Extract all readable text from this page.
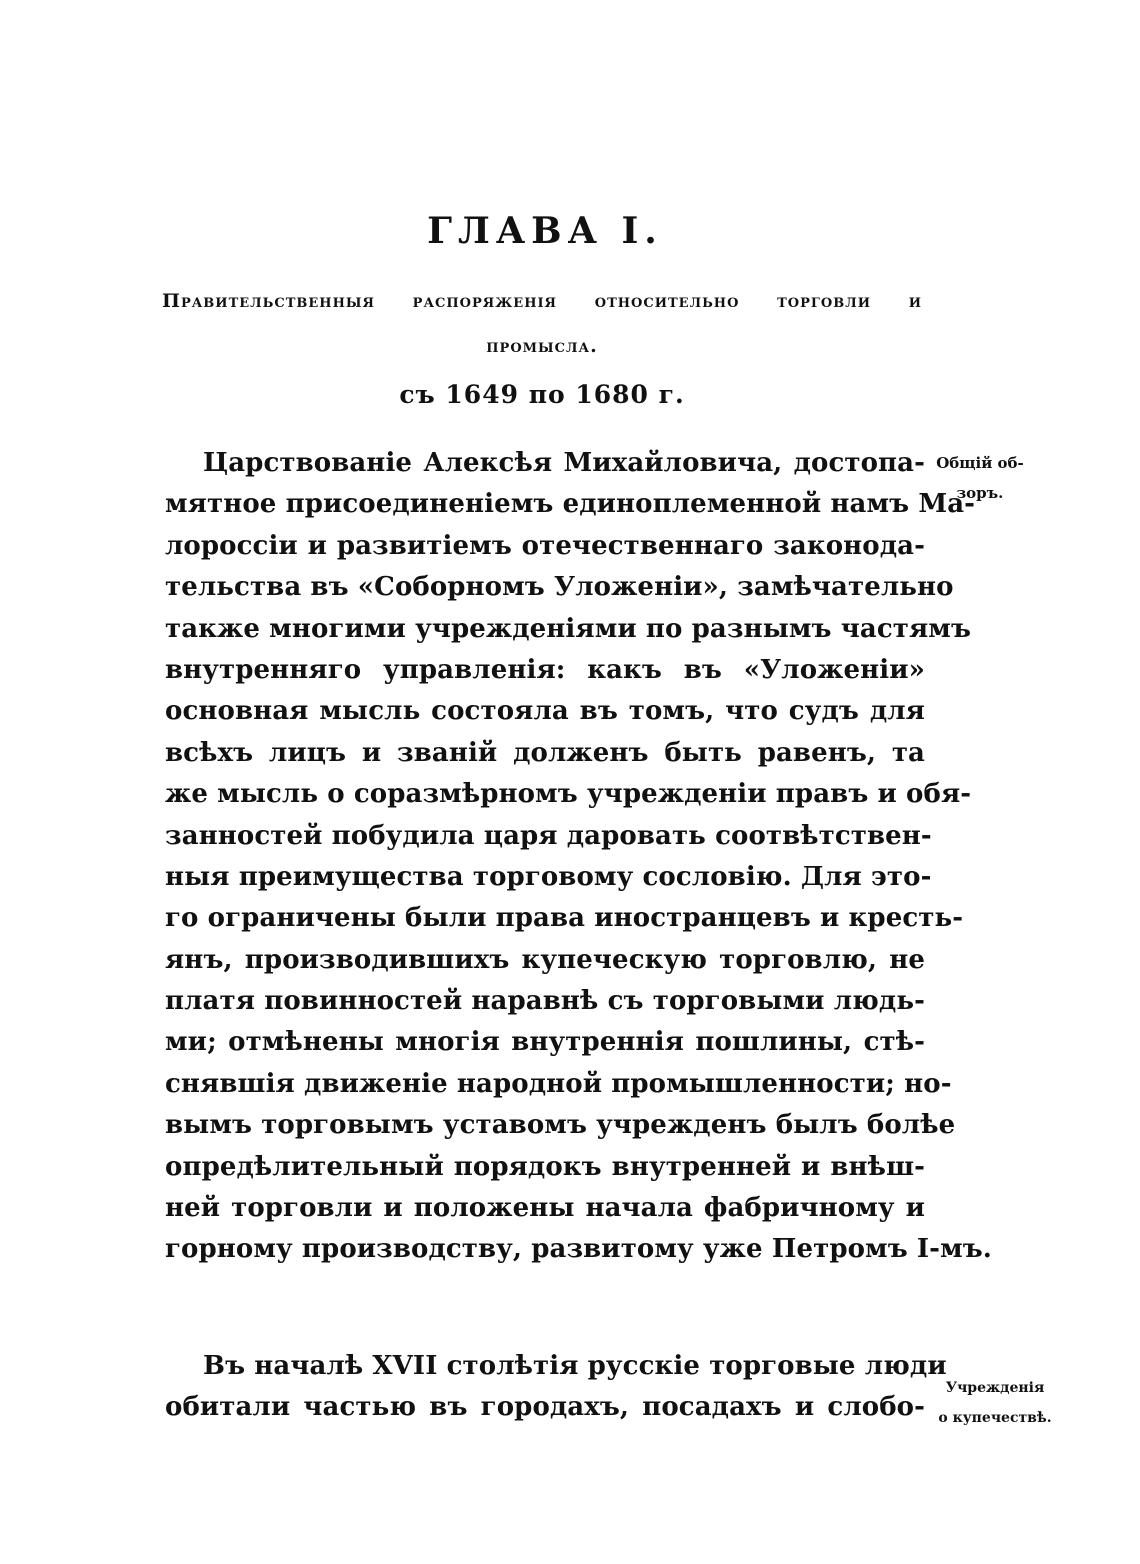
ГЛАВА I.
Правительственныя распоряженія относительно торговли и
промысла.
съ 1649 по 1680 г.
Общій об-
зоръ.
Учрежденія
о купечествѣ.
Царствованіе Алексѣя Михайловича, достопа-
мятное присоединеніемъ единоплеменной намъ Ма-
лороссіи и развитіемъ отечественнаго законода-
тельства въ «Соборномъ Уложеніи», замѣчательно
также многими учрежденіями по разнымъ частямъ
внутренняго управленія: какъ въ «Уложеніи»
основная мысль состояла въ томъ, что судъ для
всѣхъ лицъ и званій долженъ быть равенъ, та
же мысль о соразмѣрномъ учрежденіи правъ и обя-
занностей побудила царя даровать соотвѣтствен-
ныя преимущества торговому сословію. Для это-
го ограничены были права иностранцевъ и кресть-
янъ, производившихъ купеческую торговлю, не
платя повинностей наравнѣ съ торговыми людь-
ми; отмѣнены многія внутреннія пошлины, стѣ-
снявшія движеніе народной промышленности; но-
вымъ торговымъ уставомъ учрежденъ былъ болѣе
опредѣлительный порядокъ внутренней и внѣш-
ней торговли и положены начала фабричному и
горному производству, развитому уже Петромъ I-мъ.
Въ началѣ XVII столѣтія русскіе торговые люди
обитали частью въ городахъ, посадахъ и слобо-
